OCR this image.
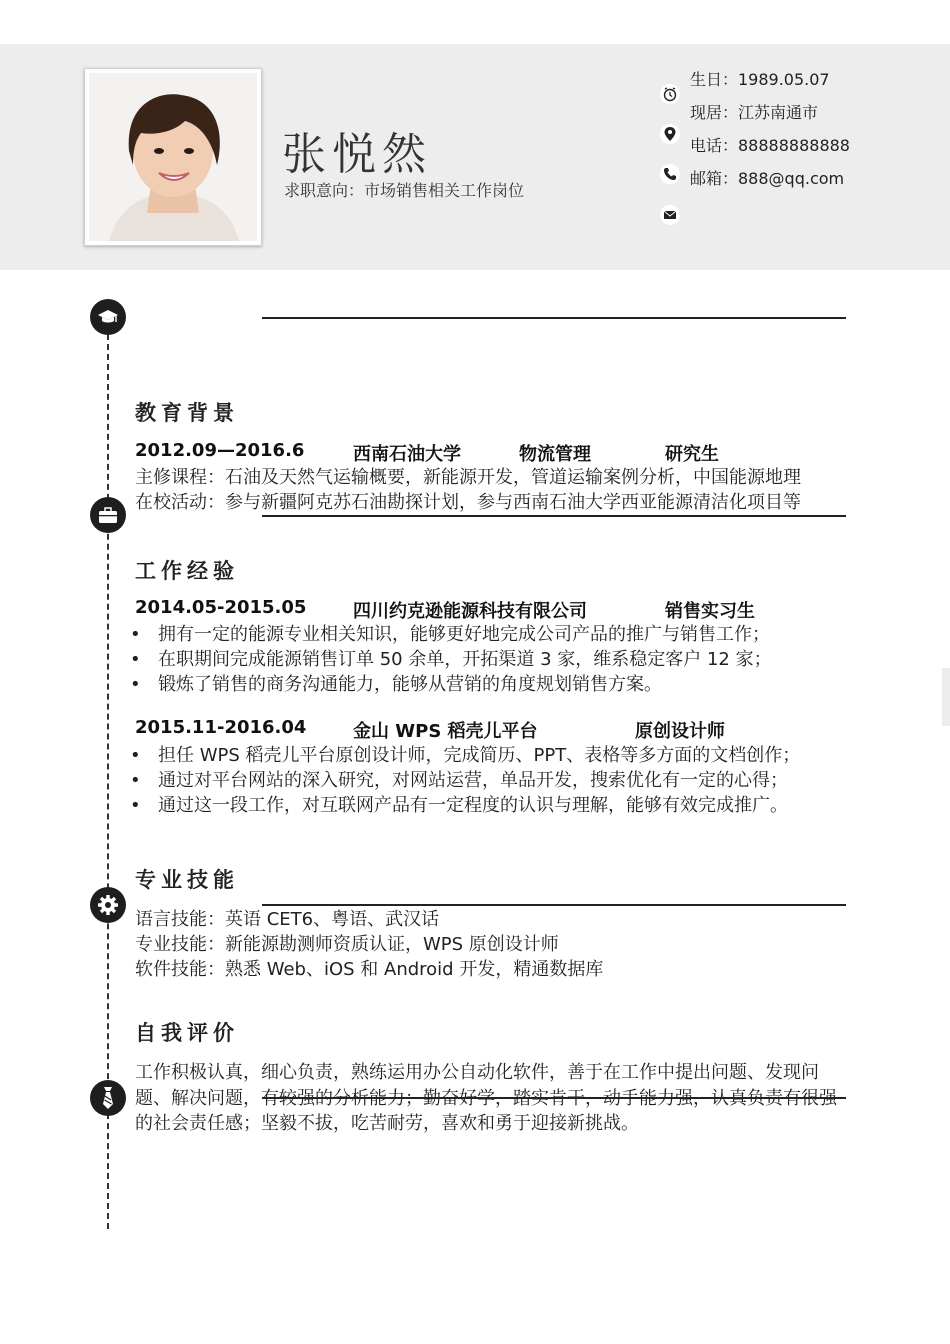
张悦然
求职意向：市场销售相关工作岗位
生日：1989.05.07
现居：江苏南通市
电话：88888888888
邮箱：888@qq.com
教育背景
2012.09—2016.6	西南石油大学	物流管理	研究生
主修课程：石油及天然气运输概要，新能源开发，管道运输案例分析，中国能源地理
在校活动：参与新疆阿克苏石油勘探计划，参与西南石油大学西亚能源清洁化项目等
工作经验
2014.05-2015.05	四川约克逊能源科技有限公司	销售实习生
• 拥有一定的能源专业相关知识，能够更好地完成公司产品的推广与销售工作；
• 在职期间完成能源销售订单 50 余单，开拓渠道 3 家，维系稳定客户 12 家；
• 锻炼了销售的商务沟通能力，能够从营销的角度规划销售方案。
2015.11-2016.04	金山 WPS 稻壳儿平台	原创设计师
• 担任 WPS 稻壳儿平台原创设计师，完成简历、PPT、表格等多方面的文档创作；
• 通过对平台网站的深入研究，对网站运营，单品开发，搜索优化有一定的心得；
• 通过这一段工作，对互联网产品有一定程度的认识与理解，能够有效完成推广。
专业技能
语言技能：英语 CET6、粤语、武汉话
专业技能：新能源勘测师资质认证，WPS 原创设计师
软件技能：熟悉 Web、iOS 和 Android 开发，精通数据库
自我评价
工作积极认真，细心负责，熟练运用办公自动化软件，善于在工作中提出问题、发现问题、解决问题，有较强的分析能力；勤奋好学，踏实肯干，动手能力强，认真负责有很强的社会责任感；坚毅不拔，吃苦耐劳，喜欢和勇于迎接新挑战。
